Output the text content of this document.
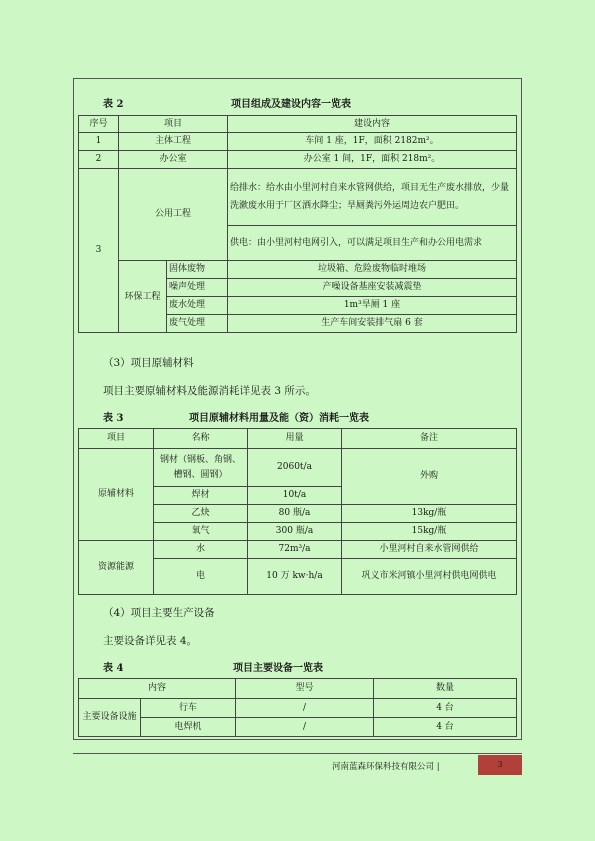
表 2	项目组成及建设内容一览表
序号	项目		建设内容
1	主体工程		车间 1 座，1F，面积 2182m²。
2	办公室		办公室 1 间，1F，面积 218m²。
3	公用工程		给排水：给水由小里河村自来水管网供给，项目无生产废水排放，少量洗漱废水用于厂区洒水降尘；旱厕粪污外运周边农户肥田。
			供电：由小里河村电网引入，可以满足项目生产和办公用电需求
	环保工程	固体废物	垃圾箱、危险废物临时堆场
		噪声处理	产噪设备基座安装减震垫
		废水处理	1m³旱厕 1 座
		废气处理	生产车间安装排气扇 6 套
（3）项目原辅材料
项目主要原辅材料及能源消耗详见表 3 所示。
表 3	项目原辅材料用量及能（资）消耗一览表
项目	名称	用量	备注
原辅材料	钢材（钢板、角钢、槽钢、圆钢）	2060t/a	外购
	焊材	10t/a	
	乙炔	80 瓶/a	13kg/瓶
	氧气	300 瓶/a	15kg/瓶
资源能源	水	72m³/a	小里河村自来水管网供给
	电	10 万 kw·h/a	巩义市米河镇小里河村供电网供电
（4）项目主要生产设备
主要设备详见表 4。
表 4	项目主要设备一览表
内容		型号	数量
主要设备设施	行车	/	4 台
	电焊机	/	4 台
河南蓝森环保科技有限公司 |	3
